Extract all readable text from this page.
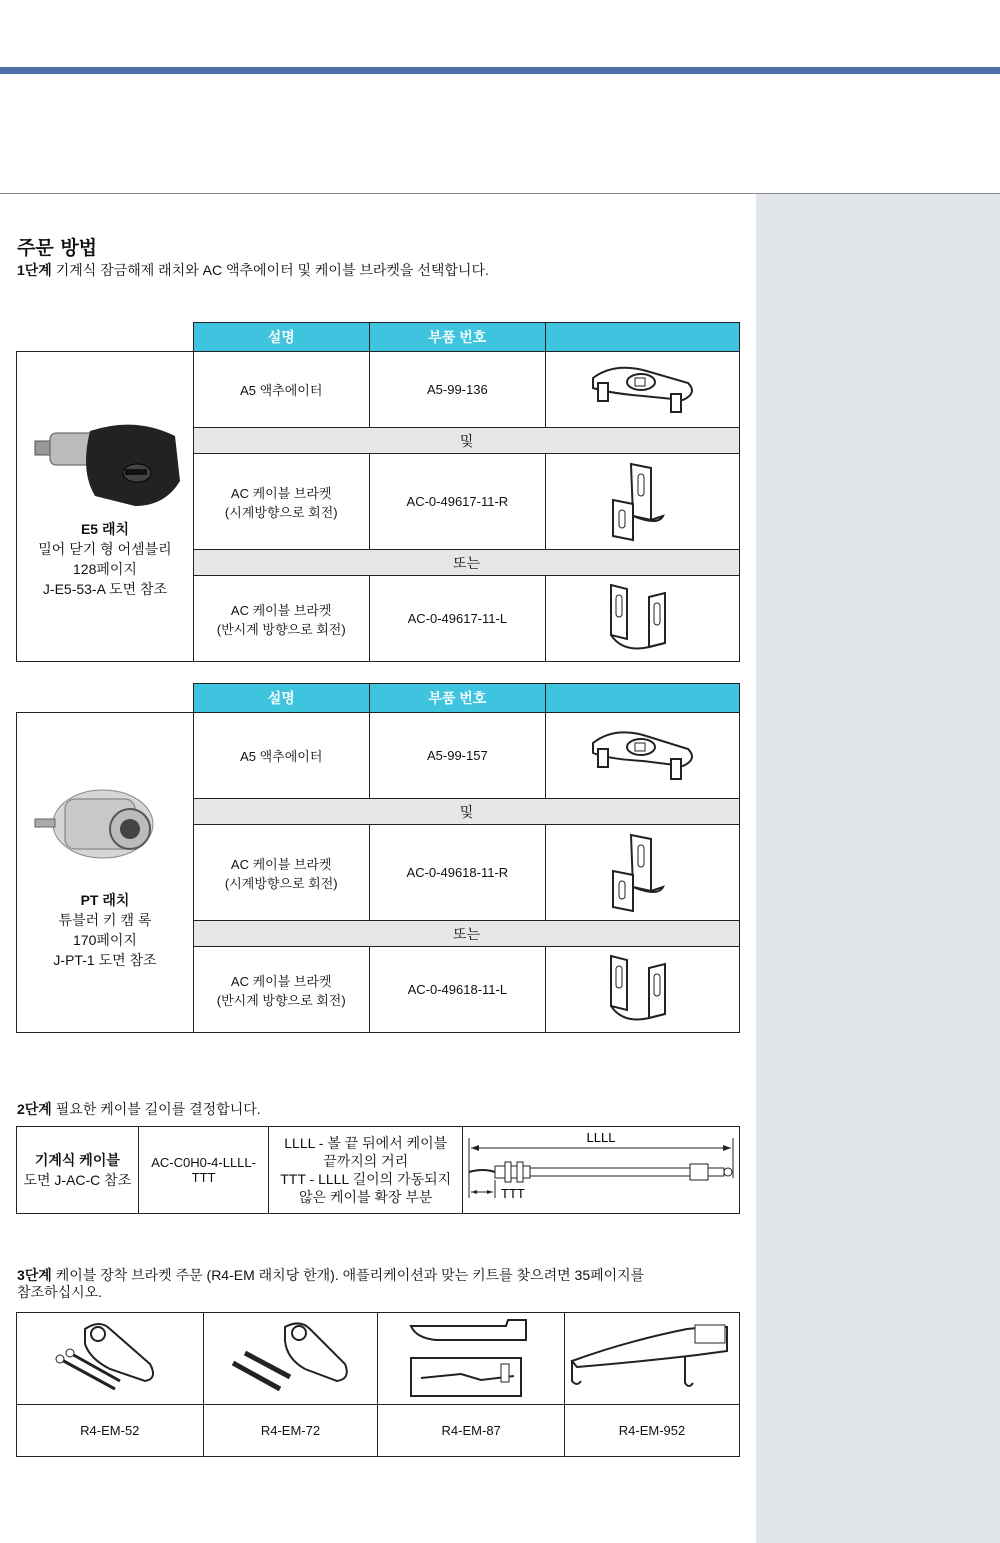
주문 방법
1단계 기계식 잠금해제 래치와 AC 액추에이터 및 케이블 브라켓을 선택합니다.
	설명	부품 번호	

E5 래치
밀어 닫기 형 어셈블리
128페이지
J-E5-53-A 도면 참조	A5 액추에이터	A5-99-136	

	및		

	AC 케이블 브라켓
(시계방향으로 회전)	AC-0-49617-11-R	

	또는		

	AC 케이블 브라켓
(반시계 방향으로 회전)	AC-0-49617-11-L	
	설명	부품 번호	

PT 래치
튜블러 키 캠 록
170페이지
J-PT-1 도면 참조	A5 액추에이터	A5-99-157	

	및		

	AC 케이블 브라켓
(시계방향으로 회전)	AC-0-49618-11-R	

	또는		

	AC 케이블 브라켓
(반시계 방향으로 회전)	AC-0-49618-11-L	
2단계 필요한 케이블 길이를 결정합니다.
기계식 케이블
도면 J-AC-C 참조
	AC-C0H0-4-LLLL-TTT	
LLLL - 볼 끝 뒤에서 케이블
끝까지의 거리
TTT - LLLL 길이의 가동되지
않은 케이블 확장 부분

LLLL
TTT
3단계 케이블 장착 브라켓 주문 (R4-EM 래치당 한개). 애플리케이션과 맞는 키트를 찾으려면 35페이지를
참조하십시오.

R4-EM-52	R4-EM-72	R4-EM-87	R4-EM-952
